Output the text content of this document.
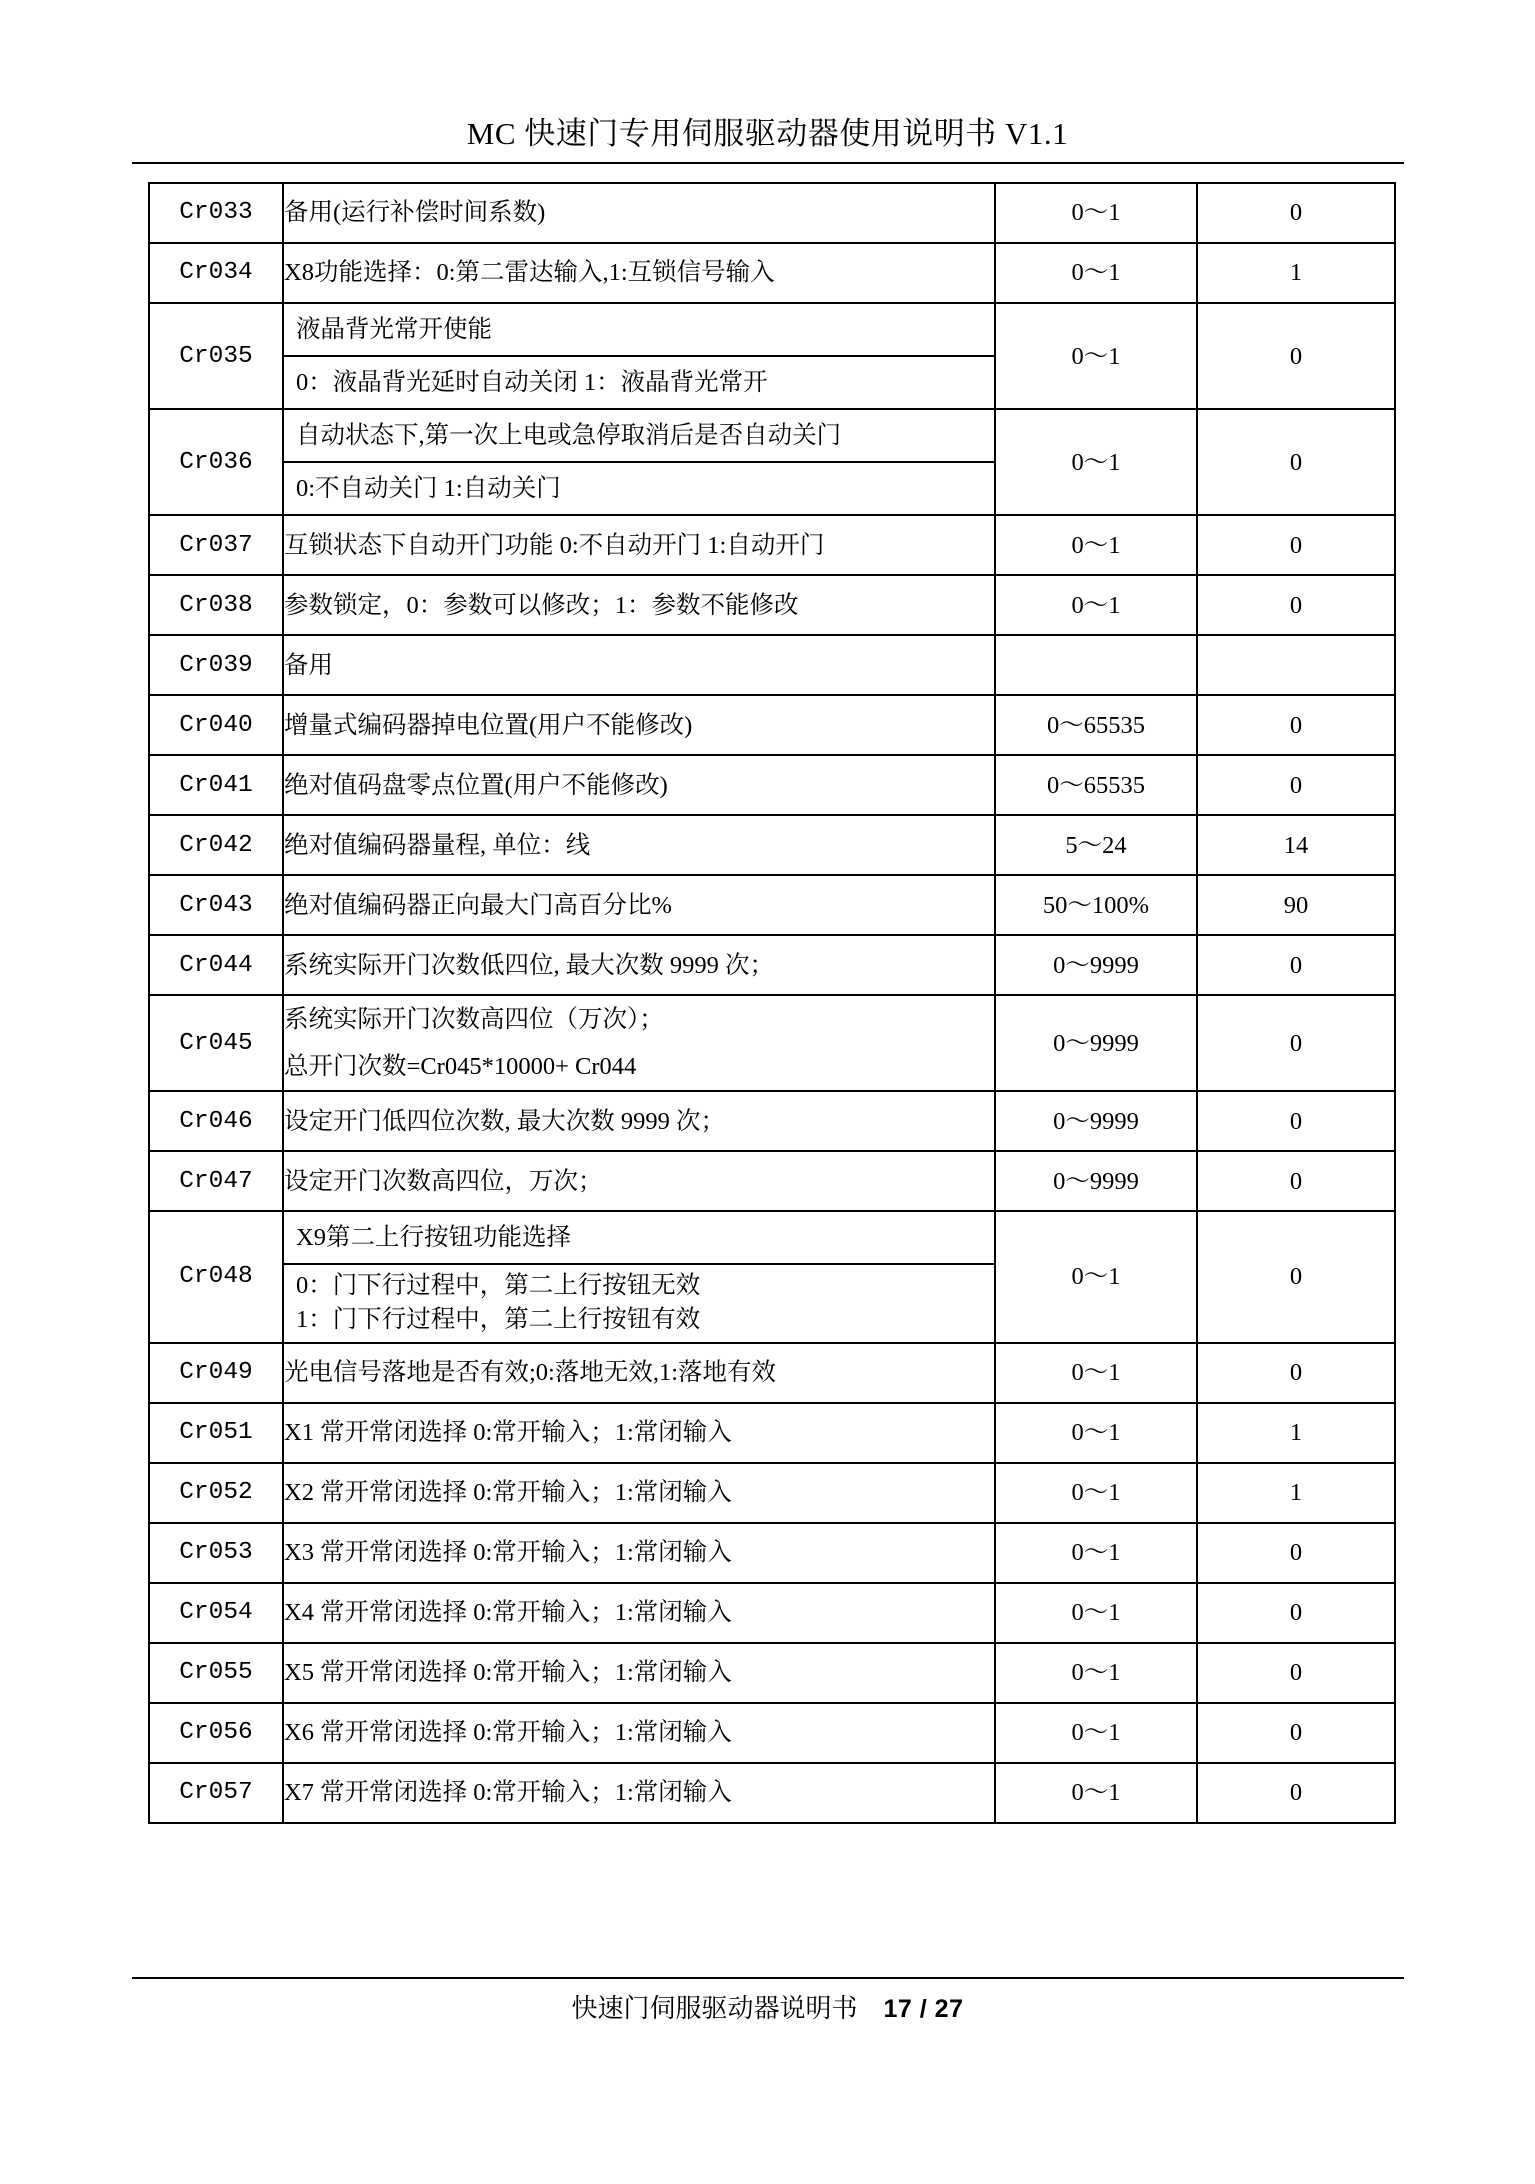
MC 快速门专用伺服驱动器使用说明书 V1.1
Cr033	备用(运行补偿时间系数)	0～1	0
Cr034	X8功能选择：0:第二雷达输入,1:互锁信号输入	0～1	1
Cr035	液晶背光常开使能
0：液晶背光延时自动关闭 1：液晶背光常开	0～1	0
Cr036	自动状态下,第一次上电或急停取消后是否自动关门
0:不自动关门 1:自动关门	0～1	0
Cr037	互锁状态下自动开门功能 0:不自动开门 1:自动开门	0～1	0
Cr038	参数锁定，0：参数可以修改；1：参数不能修改	0～1	0
Cr039	备用		

Cr040	增量式编码器掉电位置(用户不能修改)	0～65535	0
Cr041	绝对值码盘零点位置(用户不能修改)	0～65535	0
Cr042	绝对值编码器量程, 单位：线	5～24	14
Cr043	绝对值编码器正向最大门高百分比%	50～100%	90
Cr044	系统实际开门次数低四位, 最大次数 9999 次；	0～9999	0
Cr045	系统实际开门次数高四位（万次）；
总开门次数=Cr045*10000+ Cr044	0～9999	0
Cr046	设定开门低四位次数, 最大次数 9999 次；	0～9999	0
Cr047	设定开门次数高四位，万次；	0～9999	0
Cr048	X9第二上行按钮功能选择
0：门下行过程中，第二上行按钮无效
1：门下行过程中，第二上行按钮有效	0～1	0
Cr049	光电信号落地是否有效;0:落地无效,1:落地有效	0～1	0
Cr051	X1 常开常闭选择 0:常开输入；1:常闭输入	0～1	1
Cr052	X2 常开常闭选择 0:常开输入；1:常闭输入	0～1	1
Cr053	X3 常开常闭选择 0:常开输入；1:常闭输入	0～1	0
Cr054	X4 常开常闭选择 0:常开输入；1:常闭输入	0～1	0
Cr055	X5 常开常闭选择 0:常开输入；1:常闭输入	0～1	0
Cr056	X6 常开常闭选择 0:常开输入；1:常闭输入	0～1	0
Cr057	X7 常开常闭选择 0:常开输入；1:常闭输入	0～1	0
快速门伺服驱动器说明书 17 / 27
